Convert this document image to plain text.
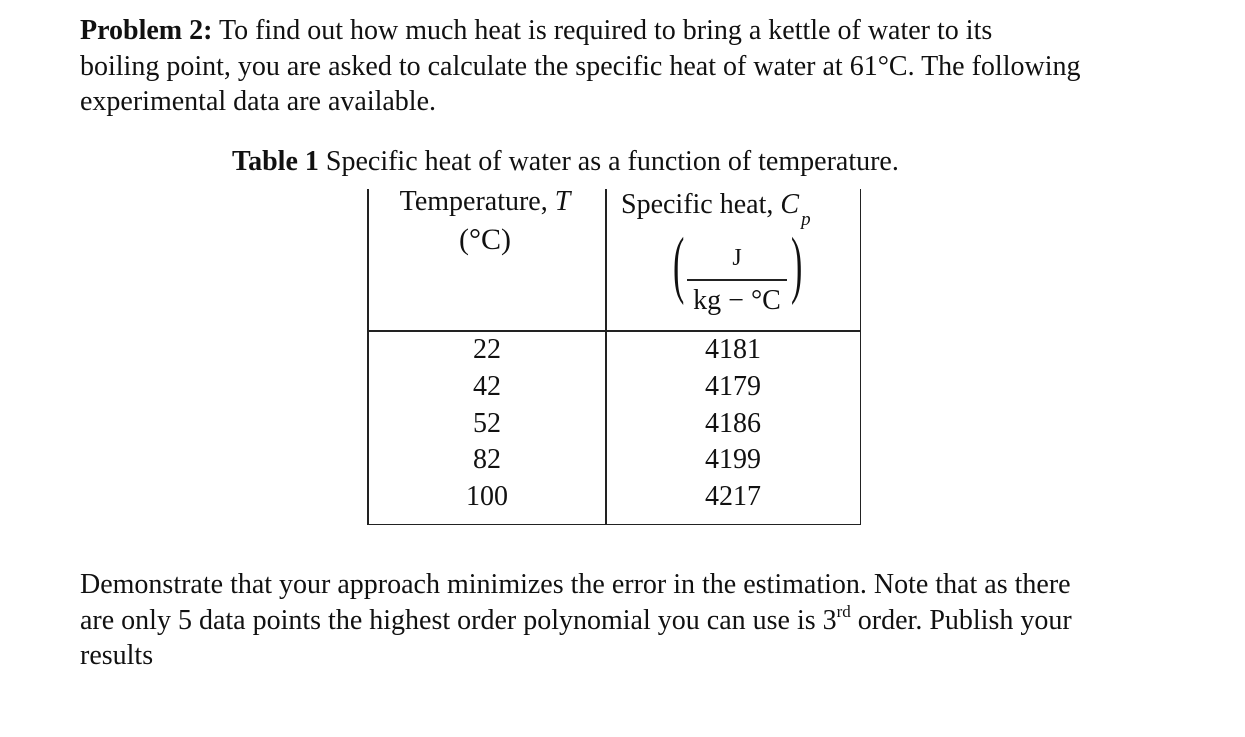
Problem 2: To find out how much heat is required to bring a kettle of water to its
boiling point, you are asked to calculate the specific heat of water at 61°C. The following
experimental data are available.
Table 1 Specific heat of water as a function of temperature.
Temperature, T
(°C)
Specific heat, C $_p$
(	J
kg − °C )
22
42
52
82
100
4181
4179
4186
4199
4217
Demonstrate that your approach minimizes the error in the estimation. Note that as there
are only 5 data points the highest order polynomial you can use is 3rd order. Publish your
results
